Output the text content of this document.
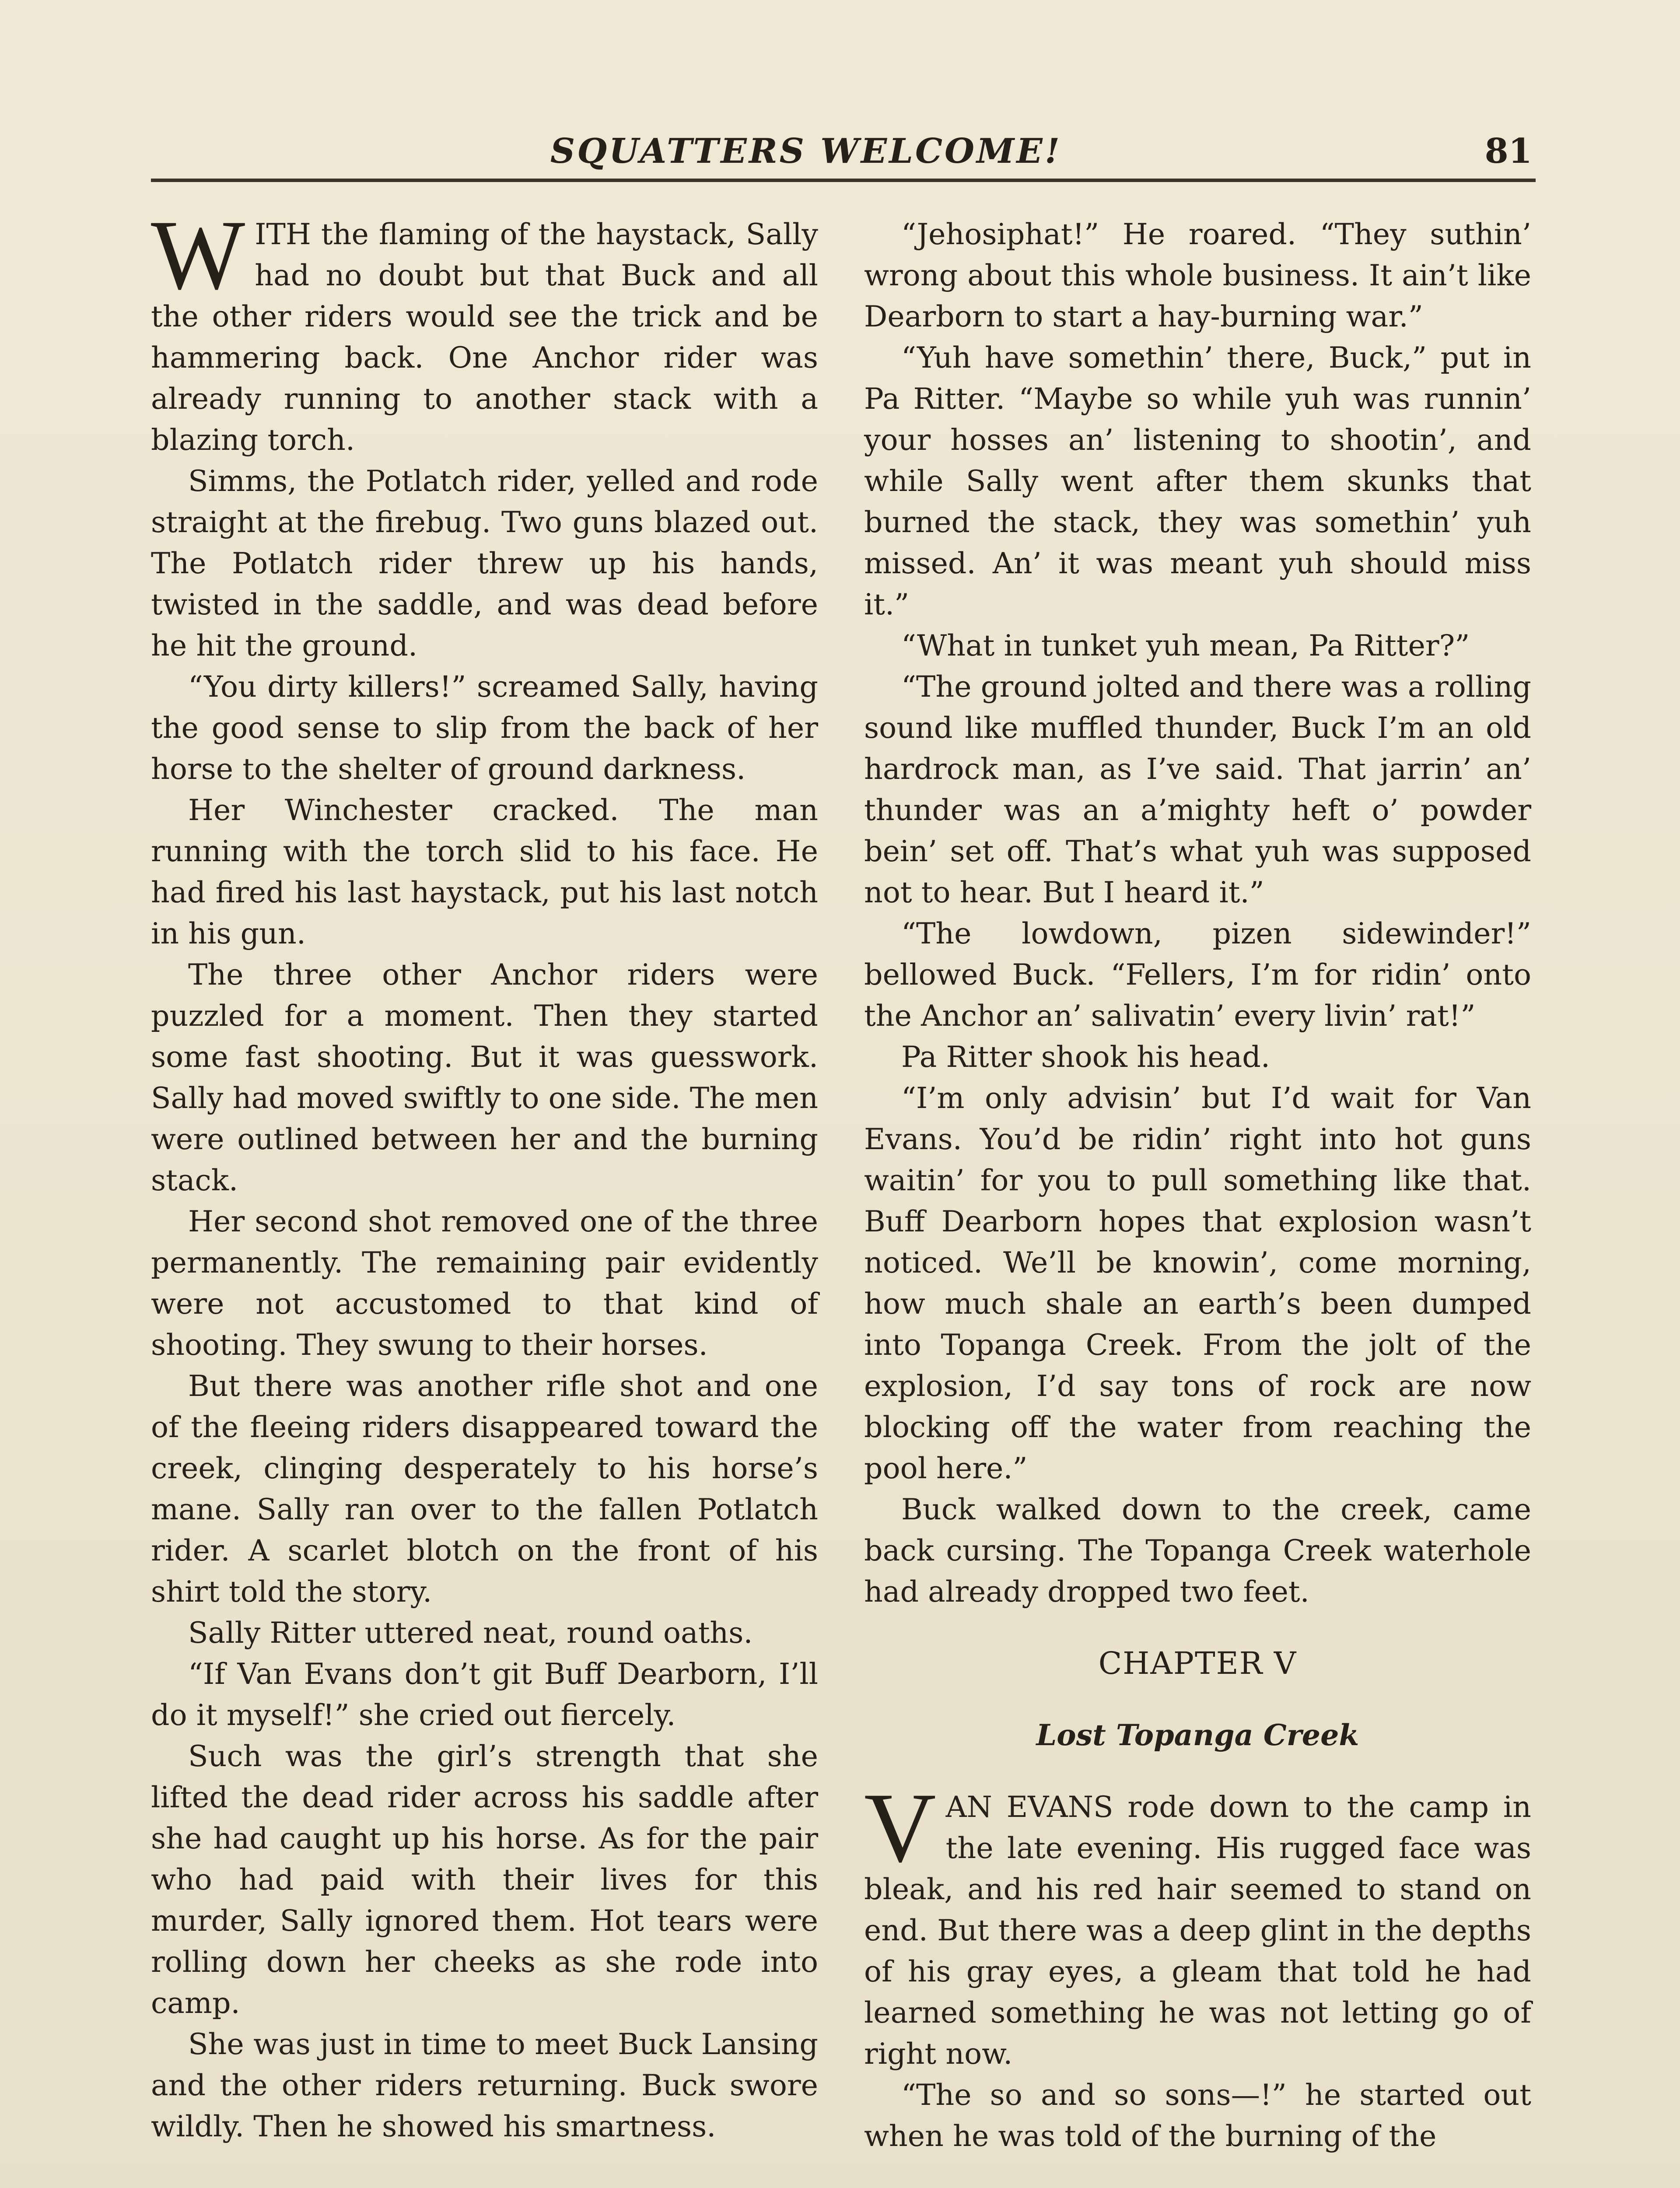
SQUATTERS WELCOME!	81

WITH the flaming of the haystack, Sally had no doubt but that Buck and all the other riders would see the trick and be hammering back. One Anchor rider was already running to another stack with a blazing torch.

Simms, the Potlatch rider, yelled and rode straight at the firebug. Two guns blazed out. The Potlatch rider threw up his hands, twisted in the saddle, and was dead before he hit the ground.

“You dirty killers!” screamed Sally, having the good sense to slip from the back of her horse to the shelter of ground darkness.

Her Winchester cracked. The man running with the torch slid to his face. He had fired his last haystack, put his last notch in his gun.

The three other Anchor riders were puzzled for a moment. Then they started some fast shooting. But it was guesswork. Sally had moved swiftly to one side. The men were outlined between her and the burning stack.

Her second shot removed one of the three permanently. The remaining pair evidently were not accustomed to that kind of shooting. They swung to their horses.

But there was another rifle shot and one of the fleeing riders disappeared toward the creek, clinging desperately to his horse’s mane. Sally ran over to the fallen Potlatch rider. A scarlet blotch on the front of his shirt told the story.

Sally Ritter uttered neat, round oaths.

“If Van Evans don’t git Buff Dearborn, I’ll do it myself!” she cried out fiercely.

Such was the girl’s strength that she lifted the dead rider across his saddle after she had caught up his horse. As for the pair who had paid with their lives for this murder, Sally ignored them. Hot tears were rolling down her cheeks as she rode into camp.

She was just in time to meet Buck Lansing and the other riders returning. Buck swore wildly. Then he showed his smartness.

“Jehosiphat!” He roared. “They suthin’ wrong about this whole business. It ain’t like Dearborn to start a hay-burning war.”

“Yuh have somethin’ there, Buck,” put in Pa Ritter. “Maybe so while yuh was runnin’ your hosses an’ listening to shootin’, and while Sally went after them skunks that burned the stack, they was somethin’ yuh missed. An’ it was meant yuh should miss it.”

“What in tunket yuh mean, Pa Ritter?”

“The ground jolted and there was a rolling sound like muffled thunder, Buck I’m an old hardrock man, as I’ve said. That jarrin’ an’ thunder was an a’mighty heft o’ powder bein’ set off. That’s what yuh was supposed not to hear. But I heard it.”

“The lowdown, pizen sidewinder!” bellowed Buck. “Fellers, I’m for ridin’ onto the Anchor an’ salivatin’ every livin’ rat!”

Pa Ritter shook his head.

“I’m only advisin’ but I’d wait for Van Evans. You’d be ridin’ right into hot guns waitin’ for you to pull something like that. Buff Dearborn hopes that explosion wasn’t noticed. We’ll be knowin’, come morning, how much shale an earth’s been dumped into Topanga Creek. From the jolt of the explosion, I’d say tons of rock are now blocking off the water from reaching the pool here.”

Buck walked down to the creek, came back cursing. The Topanga Creek waterhole had already dropped two feet.

CHAPTER V

Lost Topanga Creek

VAN EVANS rode down to the camp in the late evening. His rugged face was bleak, and his red hair seemed to stand on end. But there was a deep glint in the depths of his gray eyes, a gleam that told he had learned something he was not letting go of right now.

“The so and so sons—!” he started out when he was told of the burning of the
